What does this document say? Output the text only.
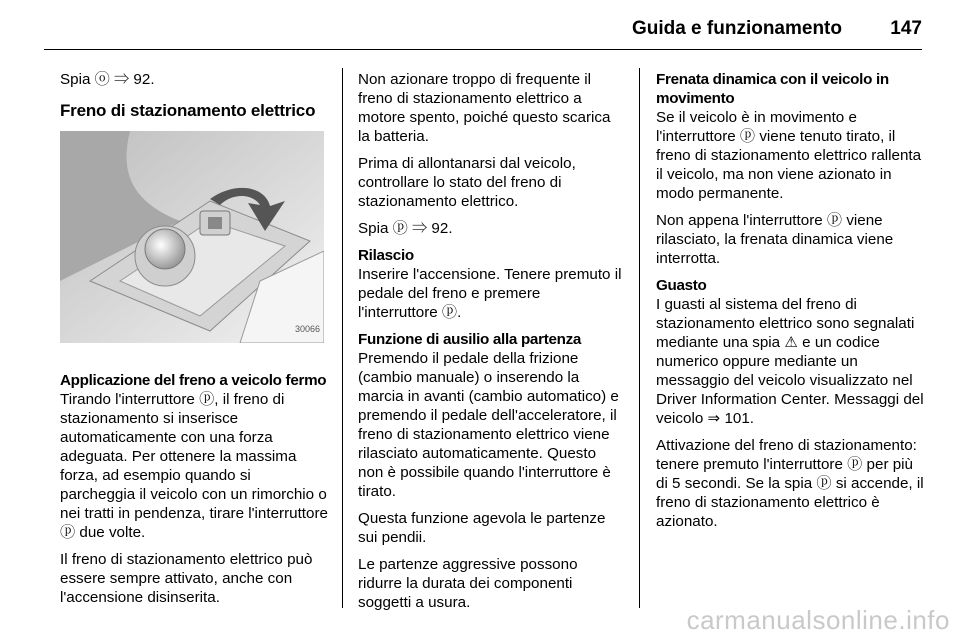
Guida e funzionamento	147

Spia ⓞ ⇒ 92.

Freno di stazionamento elettrico
30066
Applicazione del freno a veicolo fermo

Tirando l'interruttore ⓟ, il freno di stazionamento si inserisce automaticamente con una forza adeguata. Per ottenere la massima forza, ad esempio quando si parcheggia il veicolo con un rimorchio o nei tratti in pendenza, tirare l'interruttore ⓟ due volte.

Il freno di stazionamento elettrico può essere sempre attivato, anche con l'accensione disinserita.

Non azionare troppo di frequente il freno di stazionamento elettrico a motore spento, poiché questo scarica la batteria.

Prima di allontanarsi dal veicolo, controllare lo stato del freno di stazionamento elettrico.

Spia ⓟ ⇒ 92.

Rilascio

Inserire l'accensione. Tenere premuto il pedale del freno e premere l'interruttore ⓟ.

Funzione di ausilio alla partenza

Premendo il pedale della frizione (cambio manuale) o inserendo la marcia in avanti (cambio automatico) e premendo il pedale dell'acceleratore, il freno di stazionamento elettrico viene rilasciato automaticamente. Questo non è possibile quando l'interruttore è tirato.

Questa funzione agevola le partenze sui pendii.

Le partenze aggressive possono ridurre la durata dei componenti soggetti a usura.

Frenata dinamica con il veicolo in movimento

Se il veicolo è in movimento e l'interruttore ⓟ viene tenuto tirato, il freno di stazionamento elettrico rallenta il veicolo, ma non viene azionato in modo permanente.

Non appena l'interruttore ⓟ viene rilasciato, la frenata dinamica viene interrotta.

Guasto

I guasti al sistema del freno di stazionamento elettrico sono segnalati mediante una spia ⚠ e un codice numerico oppure mediante un messaggio del veicolo visualizzato nel Driver Information Center. Messaggi del veicolo ⇒ 101.

Attivazione del freno di stazionamento: tenere premuto l'interruttore ⓟ per più di 5 secondi. Se la spia ⓟ si accende, il freno di stazionamento elettrico è azionato.

carmanualsonline.info
